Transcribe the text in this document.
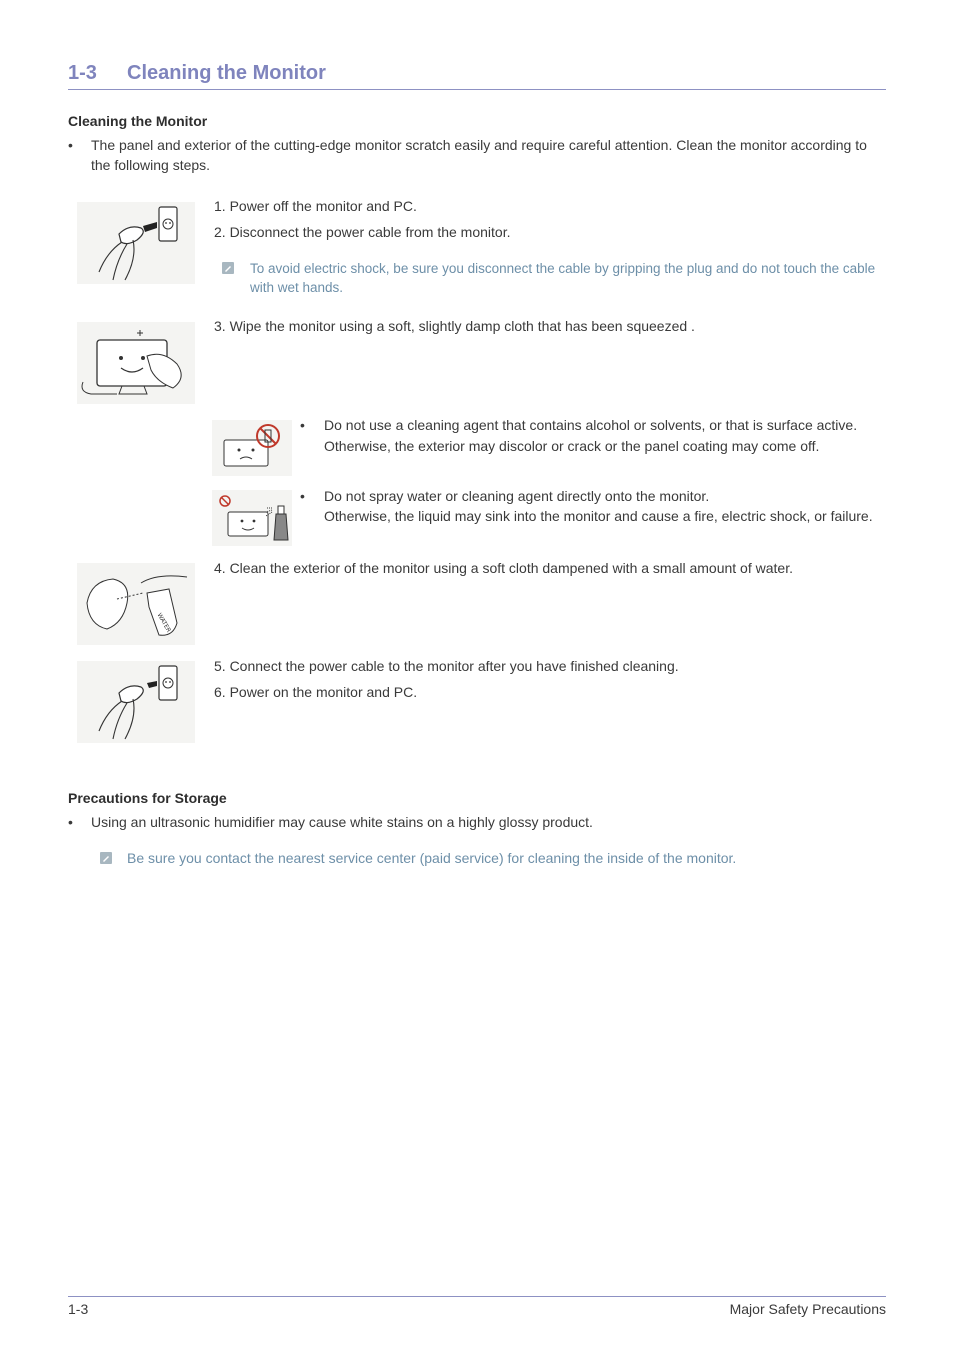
1-3 Cleaning the Monitor
Cleaning the Monitor
• The panel and exterior of the cutting-edge monitor scratch easily and require careful attention. Clean the monitor according to the following steps.
1. Power off the monitor and PC.
2. Disconnect the power cable from the monitor.
To avoid electric shock, be sure you disconnect the cable by gripping the plug and do not touch the cable with wet hands.
3. Wipe the monitor using a soft, slightly damp cloth that has been squeezed .
• Do not use a cleaning agent that contains alcohol or solvents, or that is surface active. Otherwise, the exterior may discolor or crack or the panel coating may come off.
• Do not spray water or cleaning agent directly onto the monitor.
Otherwise, the liquid may sink into the monitor and cause a fire, electric shock, or failure.
WATER
4. Clean the exterior of the monitor using a soft cloth dampened with a small amount of water.
5. Connect the power cable to the monitor after you have finished cleaning.
6. Power on the monitor and PC.
Precautions for Storage
• Using an ultrasonic humidifier may cause white stains on a highly glossy product.
Be sure you contact the nearest service center (paid service) for cleaning the inside of the monitor.
1-3	Major Safety Precautions
